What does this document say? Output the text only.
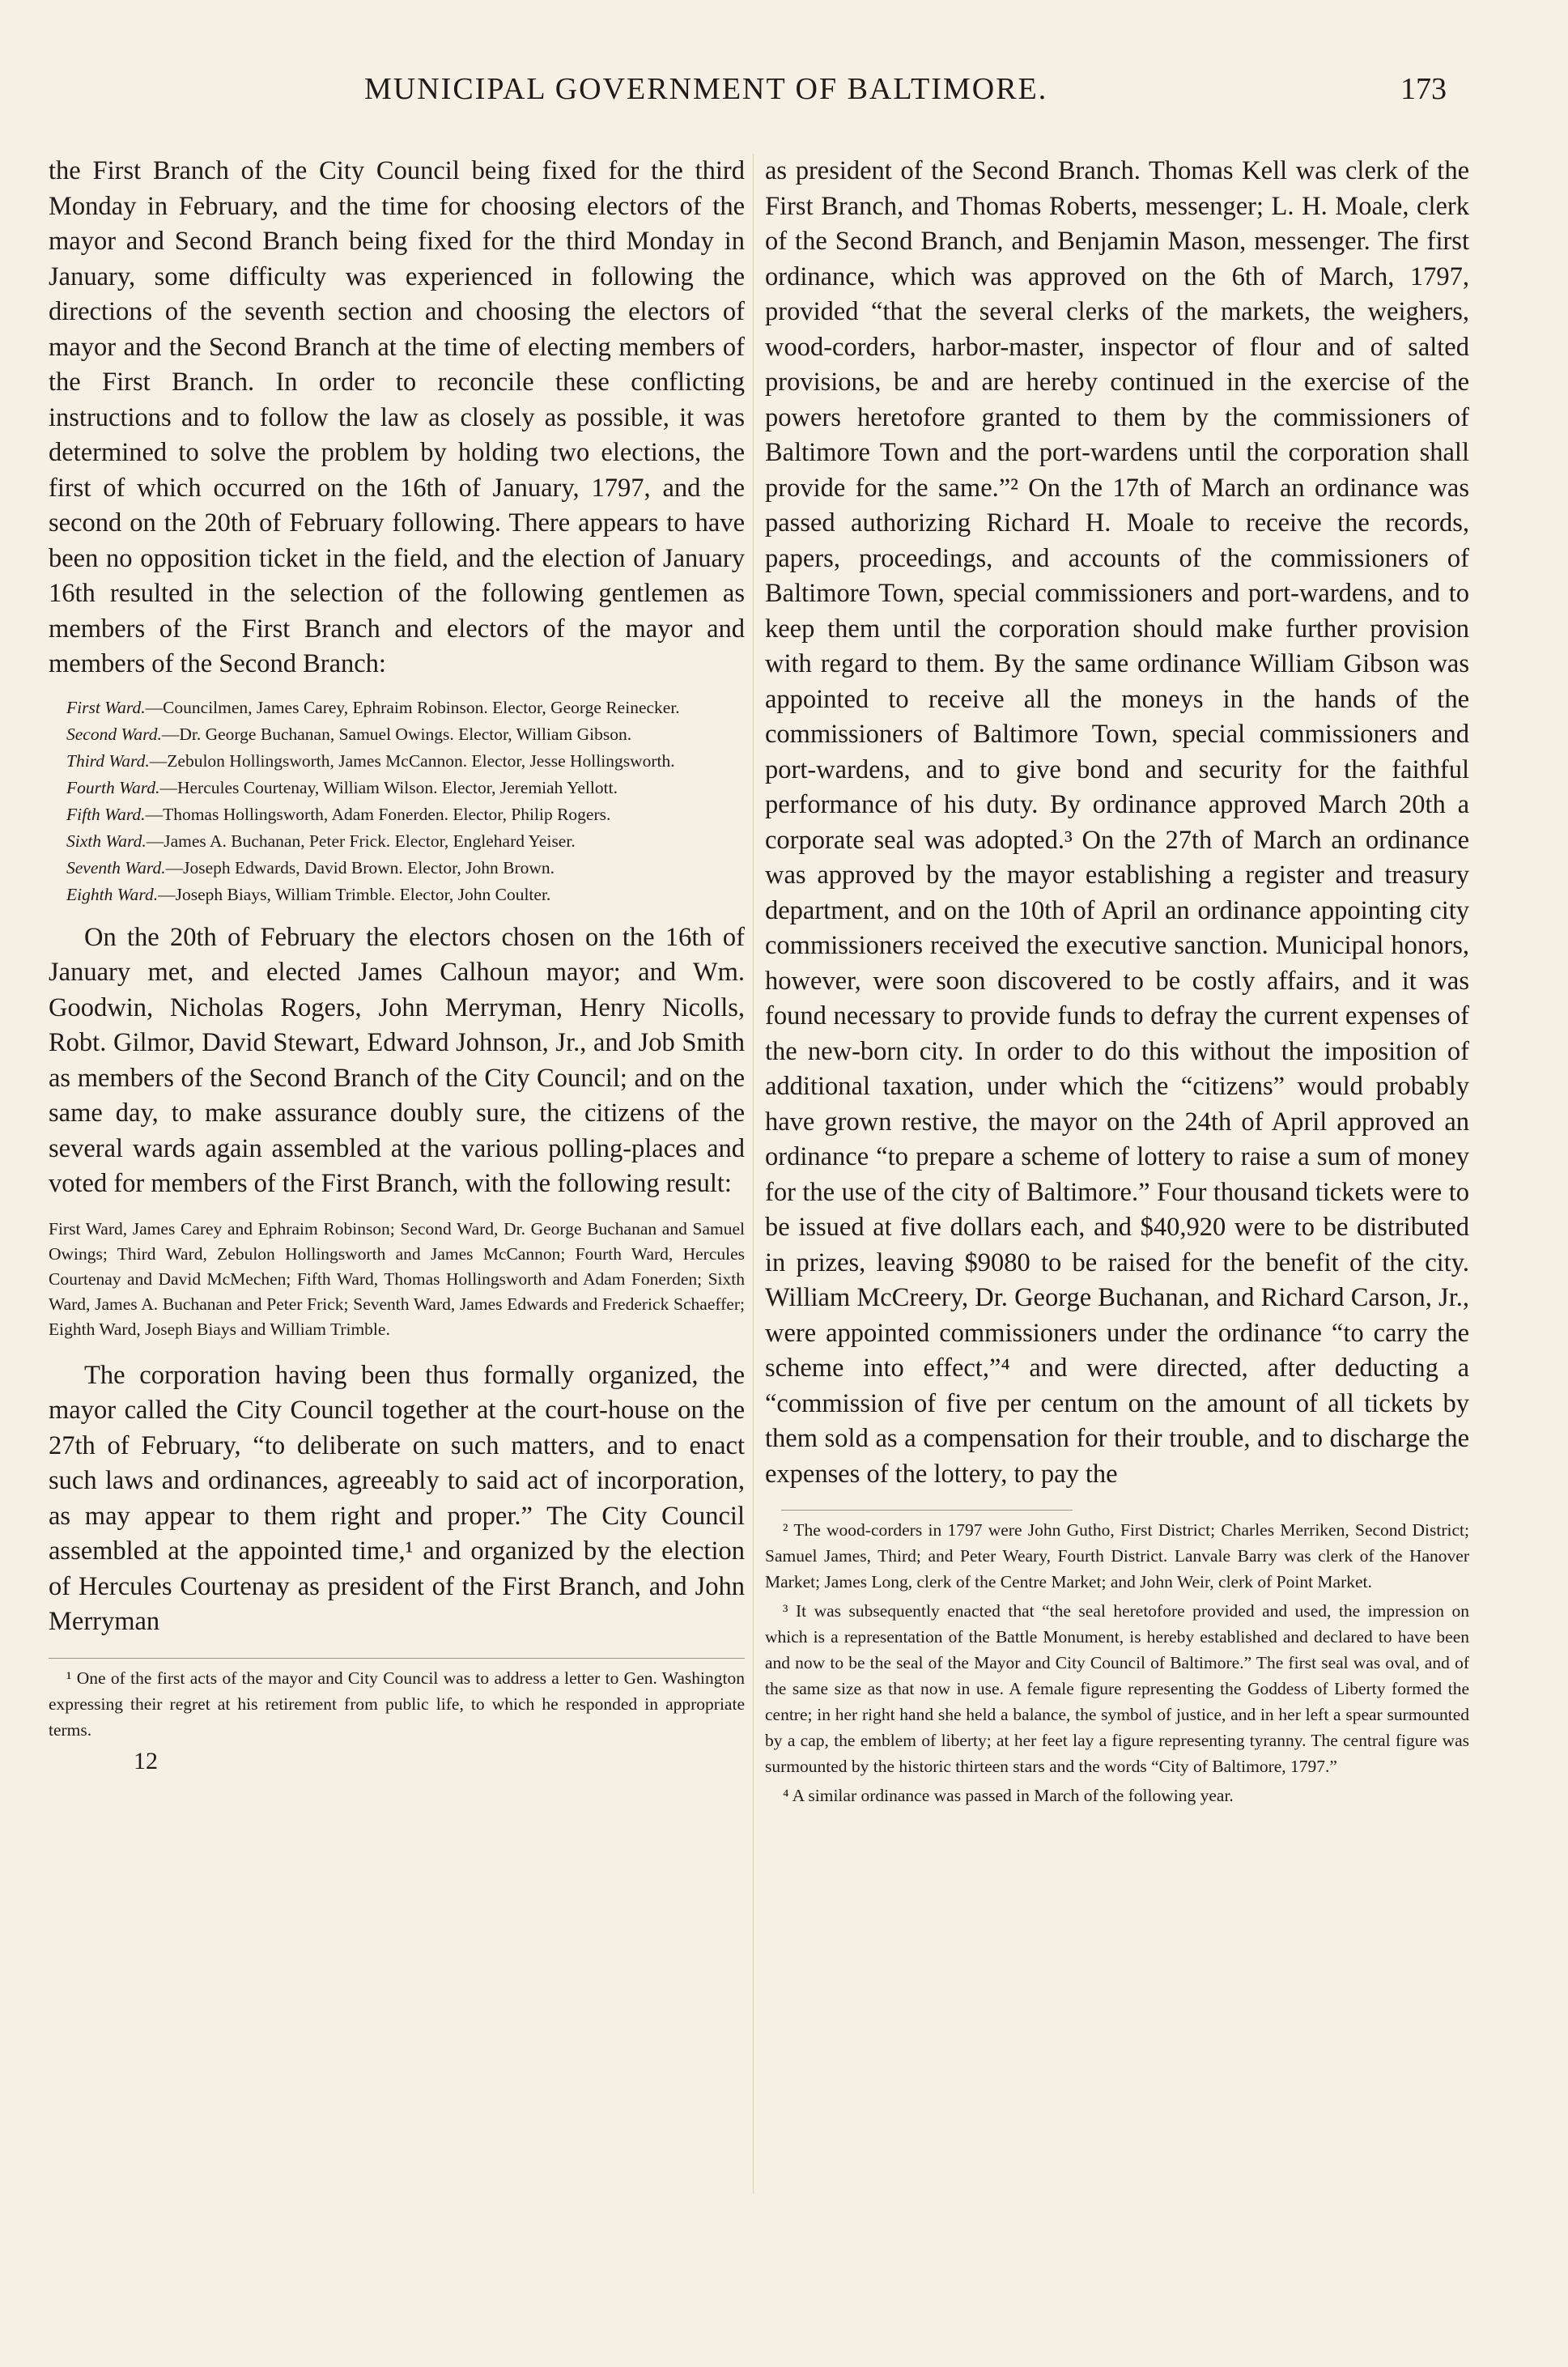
MUNICIPAL GOVERNMENT OF BALTIMORE.	173

the First Branch of the City Council being fixed for the third Monday in February, and the time for choosing electors of the mayor and Second Branch being fixed for the third Monday in January, some difficulty was experienced in following the directions of the seventh section and choosing the electors of mayor and the Second Branch at the time of electing members of the First Branch. In order to reconcile these conflicting instructions and to follow the law as closely as possible, it was determined to solve the problem by holding two elections, the first of which occurred on the 16th of January, 1797, and the second on the 20th of February following. There appears to have been no opposition ticket in the field, and the election of January 16th resulted in the selection of the following gentlemen as members of the First Branch and electors of the mayor and members of the Second Branch:

First Ward.—Councilmen, James Carey, Ephraim Robinson. Elector, George Reinecker.

Second Ward.—Dr. George Buchanan, Samuel Owings. Elector, William Gibson.

Third Ward.—Zebulon Hollingsworth, James McCannon. Elector, Jesse Hollingsworth.

Fourth Ward.—Hercules Courtenay, William Wilson. Elector, Jeremiah Yellott.

Fifth Ward.—Thomas Hollingsworth, Adam Fonerden. Elector, Philip Rogers.

Sixth Ward.—James A. Buchanan, Peter Frick. Elector, Englehard Yeiser.

Seventh Ward.—Joseph Edwards, David Brown. Elector, John Brown.

Eighth Ward.—Joseph Biays, William Trimble. Elector, John Coulter.

On the 20th of February the electors chosen on the 16th of January met, and elected James Calhoun mayor; and Wm. Goodwin, Nicholas Rogers, John Merryman, Henry Nicolls, Robt. Gilmor, David Stewart, Edward Johnson, Jr., and Job Smith as members of the Second Branch of the City Council; and on the same day, to make assurance doubly sure, the citizens of the several wards again assembled at the various polling-places and voted for members of the First Branch, with the following result:

First Ward, James Carey and Ephraim Robinson; Second Ward, Dr. George Buchanan and Samuel Owings; Third Ward, Zebulon Hollingsworth and James McCannon; Fourth Ward, Hercules Courtenay and David McMechen; Fifth Ward, Thomas Hollingsworth and Adam Fonerden; Sixth Ward, James A. Buchanan and Peter Frick; Seventh Ward, James Edwards and Frederick Schaeffer; Eighth Ward, Joseph Biays and William Trimble.

The corporation having been thus formally organized, the mayor called the City Council together at the court-house on the 27th of February, “to deliberate on such matters, and to enact such laws and ordinances, agreeably to said act of incorporation, as may appear to them right and proper.” The City Council assembled at the appointed time,¹ and organized by the election of Hercules Courtenay as president of the First Branch, and John Merryman

¹ One of the first acts of the mayor and City Council was to address a letter to Gen. Washington expressing their regret at his retirement from public life, to which he responded in appropriate terms.

12

as president of the Second Branch. Thomas Kell was clerk of the First Branch, and Thomas Roberts, messenger; L. H. Moale, clerk of the Second Branch, and Benjamin Mason, messenger. The first ordinance, which was approved on the 6th of March, 1797, provided “that the several clerks of the markets, the weighers, wood-corders, harbor-master, inspector of flour and of salted provisions, be and are hereby continued in the exercise of the powers heretofore granted to them by the commissioners of Baltimore Town and the port-wardens until the corporation shall provide for the same.”² On the 17th of March an ordinance was passed authorizing Richard H. Moale to receive the records, papers, proceedings, and accounts of the commissioners of Baltimore Town, special commissioners and port-wardens, and to keep them until the corporation should make further provision with regard to them. By the same ordinance William Gibson was appointed to receive all the moneys in the hands of the commissioners of Baltimore Town, special commissioners and port-wardens, and to give bond and security for the faithful performance of his duty. By ordinance approved March 20th a corporate seal was adopted.³ On the 27th of March an ordinance was approved by the mayor establishing a register and treasury department, and on the 10th of April an ordinance appointing city commissioners received the executive sanction. Municipal honors, however, were soon discovered to be costly affairs, and it was found necessary to provide funds to defray the current expenses of the new-born city. In order to do this without the imposition of additional taxation, under which the “citizens” would probably have grown restive, the mayor on the 24th of April approved an ordinance “to prepare a scheme of lottery to raise a sum of money for the use of the city of Baltimore.” Four thousand tickets were to be issued at five dollars each, and $40,920 were to be distributed in prizes, leaving $9080 to be raised for the benefit of the city. William McCreery, Dr. George Buchanan, and Richard Carson, Jr., were appointed commissioners under the ordinance “to carry the scheme into effect,”⁴ and were directed, after deducting a “commission of five per centum on the amount of all tickets by them sold as a compensation for their trouble, and to discharge the expenses of the lottery, to pay the

² The wood-corders in 1797 were John Gutho, First District; Charles Merriken, Second District; Samuel James, Third; and Peter Weary, Fourth District. Lanvale Barry was clerk of the Hanover Market; James Long, clerk of the Centre Market; and John Weir, clerk of Point Market.

³ It was subsequently enacted that “the seal heretofore provided and used, the impression on which is a representation of the Battle Monument, is hereby established and declared to have been and now to be the seal of the Mayor and City Council of Baltimore.” The first seal was oval, and of the same size as that now in use. A female figure representing the Goddess of Liberty formed the centre; in her right hand she held a balance, the symbol of justice, and in her left a spear surmounted by a cap, the emblem of liberty; at her feet lay a figure representing tyranny. The central figure was surmounted by the historic thirteen stars and the words “City of Baltimore, 1797.”

⁴ A similar ordinance was passed in March of the following year.
